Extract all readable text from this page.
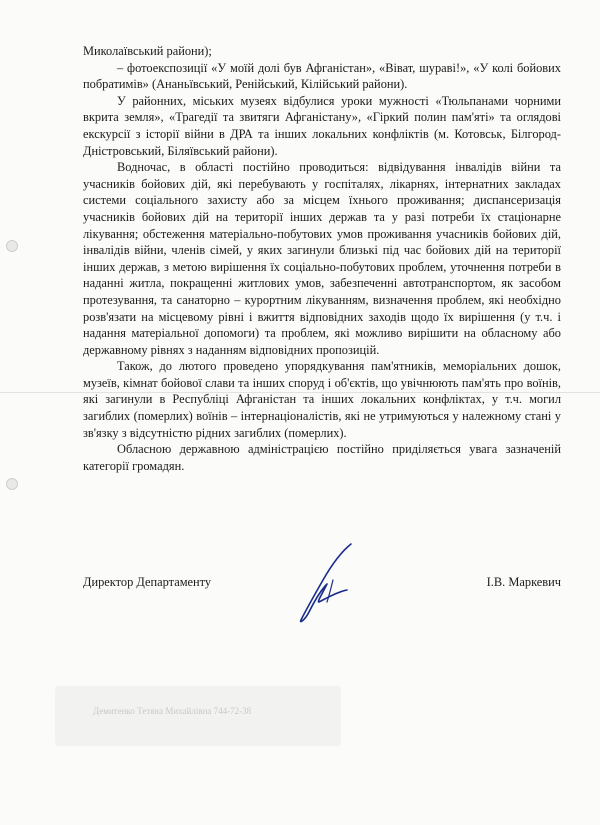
Миколаївський райони);

– фотоекспозиції «У моїй долі був Афганістан», «Віват, шураві!», «У колі бойових побратимів» (Ананьївський, Ренійський, Кілійський райони).

У районних, міських музеях відбулися уроки мужності «Тюльпанами чорними вкрита земля», «Трагедії та звитяги Афганістану», «Гіркий полин пам'яті» та оглядові екскурсії з історії війни в ДРА та інших локальних конфліктів (м. Котовськ, Білгород-Дністровський, Біляївський райони).

Водночас, в області постійно проводиться: відвідування інвалідів війни та учасників бойових дій, які перебувають у госпіталях, лікарнях, інтернатних закладах системи соціального захисту або за місцем їхнього проживання; диспансеризація учасників бойових дій на території інших держав та у разі потреби їх стаціонарне лікування; обстеження матеріально-побутових умов проживання учасників бойових дій, інвалідів війни, членів сімей, у яких загинули близькі під час бойових дій на території інших держав, з метою вирішення їх соціально-побутових проблем, уточнення потреби в наданні житла, покращенні житлових умов, забезпеченні автотранспортом, як засобом протезування, та санаторно – курортним лікуванням, визначення проблем, які необхідно розв'язати на місцевому рівні і вжиття відповідних заходів щодо їх вирішення (у т.ч. і надання матеріальної допомоги) та проблем, які можливо вирішити на обласному або державному рівнях з наданням відповідних пропозицій.

Також, до лютого проведено упорядкування пам'ятників, меморіальних дошок, музеїв, кімнат бойової слави та інших споруд і об'єктів, що увічнюють пам'ять про воїнів, які загинули в Республіці Афганістан та інших локальних конфліктах, у т.ч. могил загиблих (померлих) воїнів – інтернаціоналістів, які не утримуються у належному стані у зв'язку з відсутністю рідних загиблих (померлих).

Обласною державною адміністрацією постійно приділяється увага зазначеній категорії громадян.

Директор Департаменту	І.В. Маркевич
Демитенко Тетяна Михайлівна 744-72-38
